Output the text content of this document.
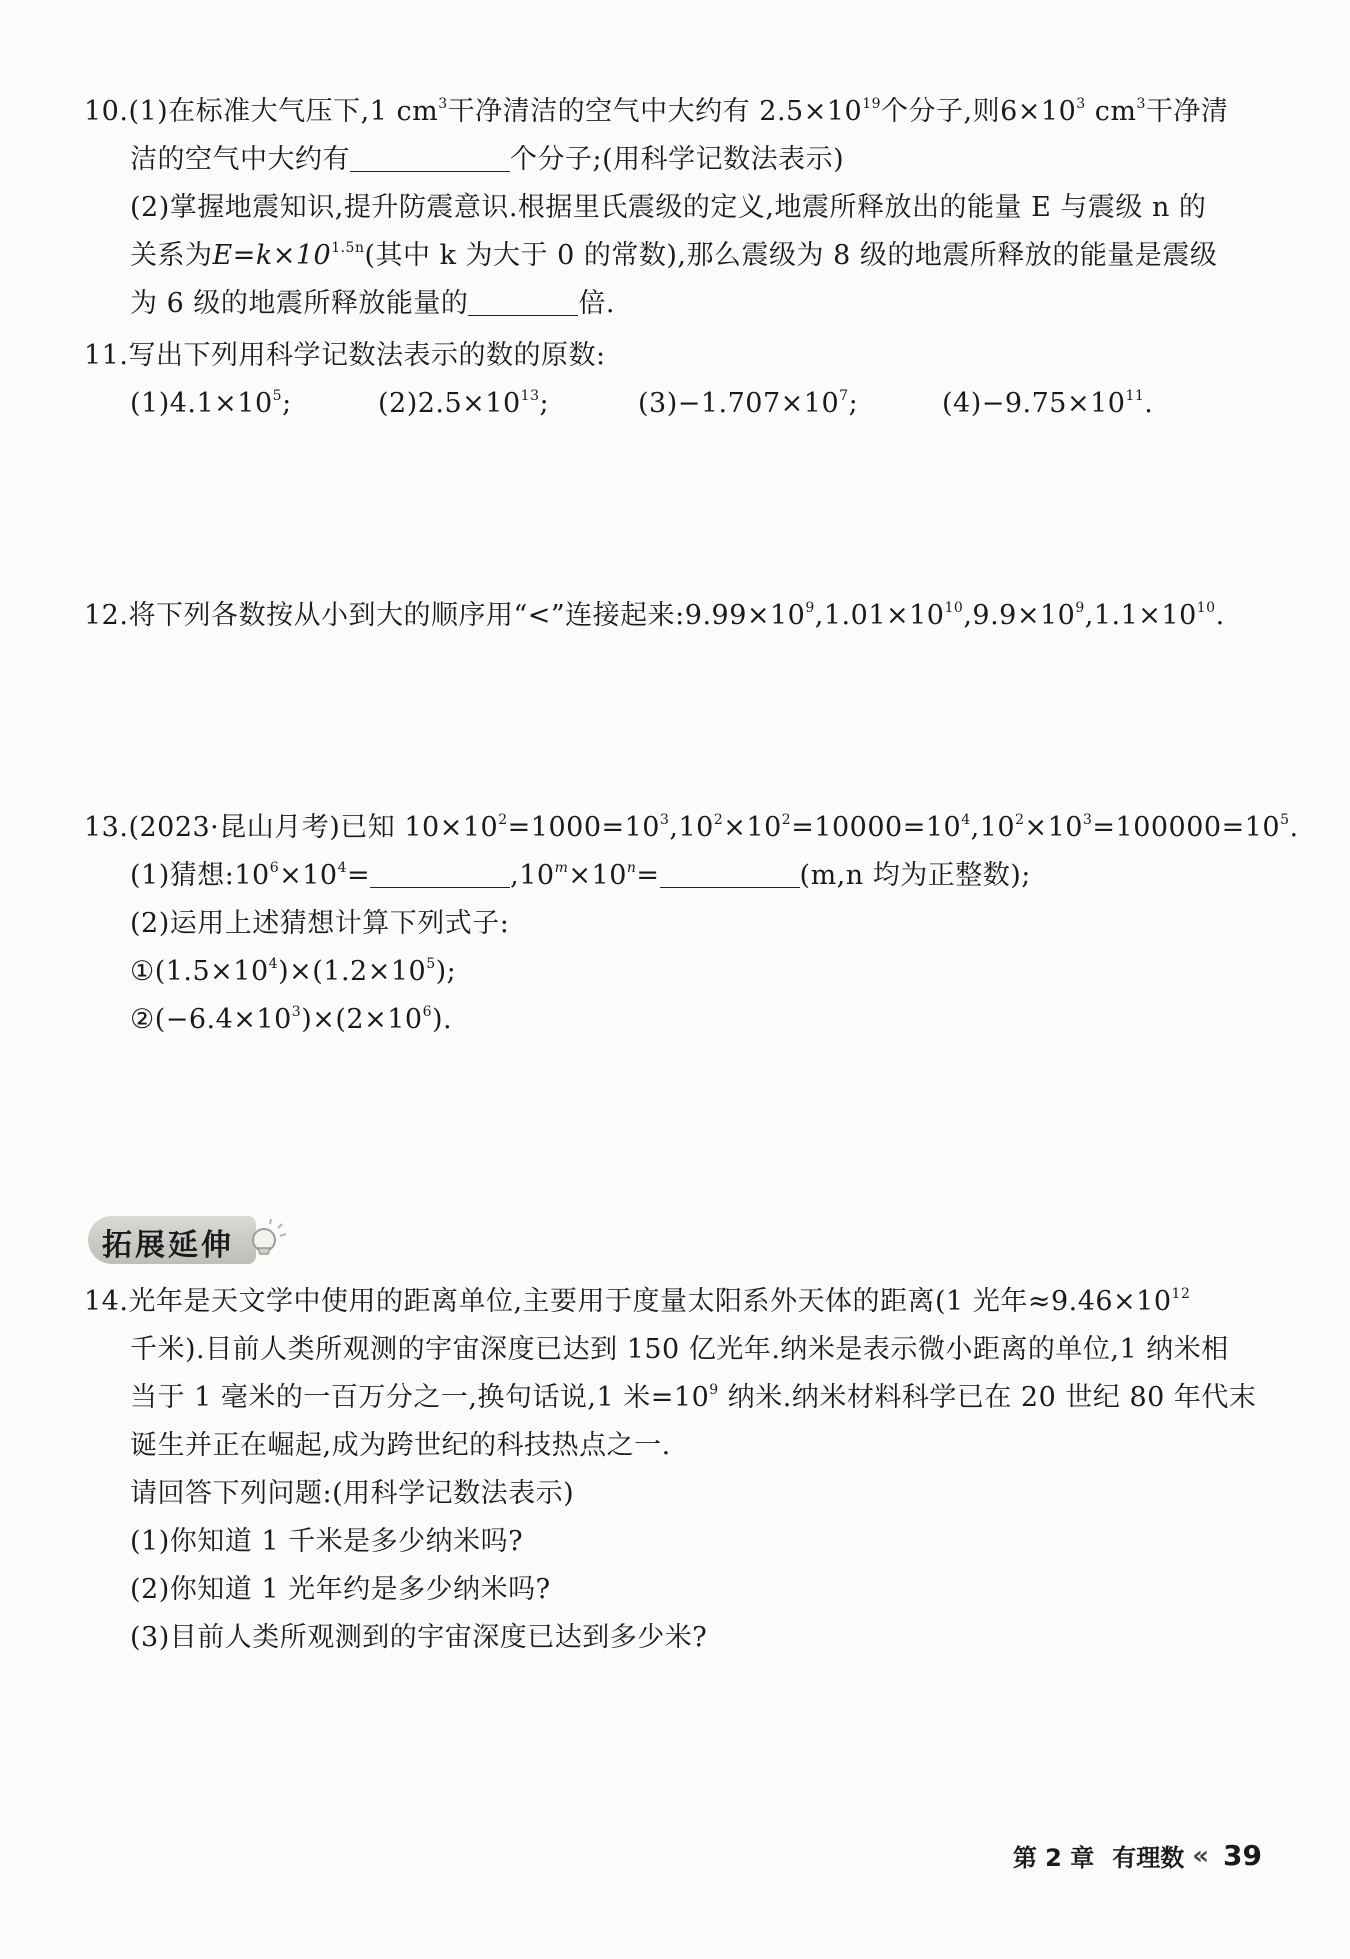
10.(1)在标准大气压下,1 $cm^3$干净清洁的空气中大约有 $2.5\times 10^{19}$个分子,则$6\times 10^3$ $cm^3$干净清
洁的空气中大约有	个分子;(用科学记数法表示)
(2)掌握地震知识,提升防震意识.根据里氏震级的定义,地震所释放出的能量 E 与震级 n 的
关系为$E=k\times 10^{1.5n}$(其中 k 为大于 0 的常数),那么震级为 8 级的地震所释放的能量是震级
为 6 级的地震所释放能量的	倍.
11.写出下列用科学记数法表示的数的原数:
$(1)4.1\times 10^5$;	$(2)2.5\times 10^{13}$;	$(3)-1.707\times 10^7$;	$(4)-9.75\times 10^{11}$.
12.将下列各数按从小到大的顺序用“<”连接起来$:9.99\times 10^9,1.01\times 10^{10},9.9\times 10^9,1.1\times 10^{10}$.
13.(2023·昆山月考)已知 $10\times 10^2=1000=10^3,10^2\times 10^2=10000=10^4,10^2\times 10^3=100000=10^5$.
(1)猜想$:10^6\times 10^4=$	$,10^m\times 10^n=$	(m,n 均为正整数);
(2)运用上述猜想计算下列式子:
$①(1.5\times 10^4)\times(1.2\times 10^5)$;
$②(-6.4\times 10^3)\times(2\times 10^6)$.
拓展延伸
14.光年是天文学中使用的距离单位,主要用于度量太阳系外天体的距离(1 光年$\approx 9.46\times 10^{12}$
千米).目前人类所观测的宇宙深度已达到 150 亿光年.纳米是表示微小距离的单位,1 纳米相
当于 1 毫米的一百万分之一,换句话说,1 米$=10^9$ 纳米.纳米材料科学已在 20 世纪 80 年代末
诞生并正在崛起,成为跨世纪的科技热点之一.
请回答下列问题:(用科学记数法表示)
(1)你知道 1 千米是多少纳米吗?
(2)你知道 1 光年约是多少纳米吗?
(3)目前人类所观测到的宇宙深度已达到多少米?
第 2 章 有理数 « 39
